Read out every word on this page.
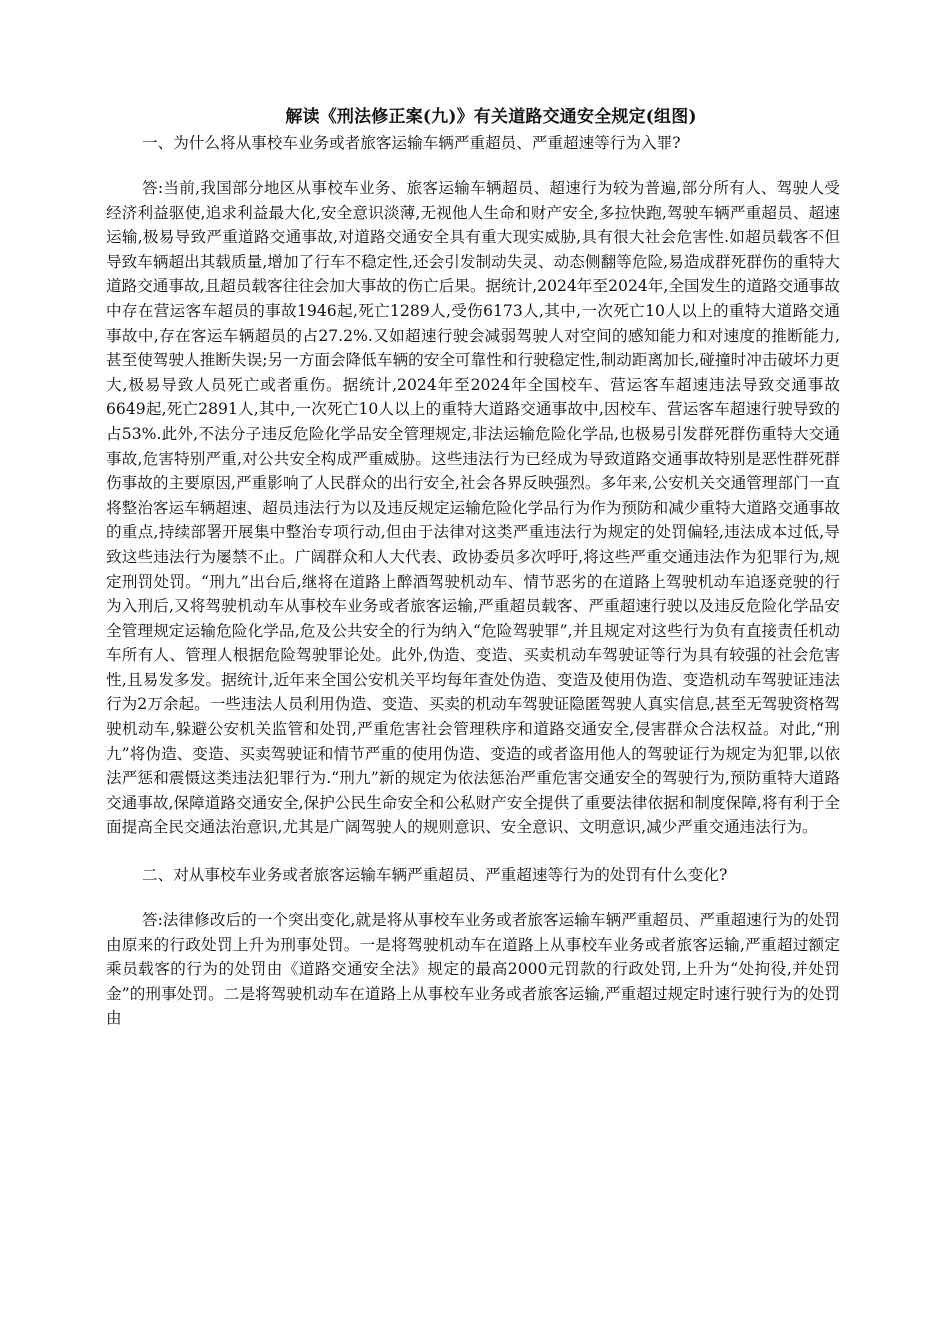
解读《刑法修正案(九)》有关道路交通安全规定(组图)

一、为什么将从事校车业务或者旅客运输车辆严重超员、严重超速等行为入罪?

答:当前,我国部分地区从事校车业务、旅客运输车辆超员、超速行为较为普遍,部分所有人、驾驶人受经济利益驱使,追求利益最大化,安全意识淡薄,无视他人生命和财产安全,多拉快跑,驾驶车辆严重超员、超速运输,极易导致严重道路交通事故,对道路交通安全具有重大现实威胁,具有很大社会危害性.如超员载客不但导致车辆超出其载质量,增加了行车不稳定性,还会引发制动失灵、动态侧翻等危险,易造成群死群伤的重特大道路交通事故,且超员载客往往会加大事故的伤亡后果。据统计,2024年至2024年,全国发生的道路交通事故中存在营运客车超员的事故1946起,死亡1289人,受伤6173人,其中,一次死亡10人以上的重特大道路交通事故中,存在客运车辆超员的占27.2%.又如超速行驶会减弱驾驶人对空间的感知能力和对速度的推断能力,甚至使驾驶人推断失误;另一方面会降低车辆的安全可靠性和行驶稳定性,制动距离加长,碰撞时冲击破坏力更大,极易导致人员死亡或者重伤。据统计,2024年至2024年全国校车、营运客车超速违法导致交通事故6649起,死亡2891人,其中,一次死亡10人以上的重特大道路交通事故中,因校车、营运客车超速行驶导致的占53%.此外,不法分子违反危险化学品安全管理规定,非法运输危险化学品,也极易引发群死群伤重特大交通事故,危害特别严重,对公共安全构成严重威胁。这些违法行为已经成为导致道路交通事故特别是恶性群死群伤事故的主要原因,严重影响了人民群众的出行安全,社会各界反映强烈。多年来,公安机关交通管理部门一直将整治客运车辆超速、超员违法行为以及违反规定运输危险化学品行为作为预防和减少重特大道路交通事故的重点,持续部署开展集中整治专项行动,但由于法律对这类严重违法行为规定的处罚偏轻,违法成本过低,导致这些违法行为屡禁不止。广阔群众和人大代表、政协委员多次呼吁,将这些严重交通违法作为犯罪行为,规定刑罚处罚。“刑九”出台后,继将在道路上醉酒驾驶机动车、情节恶劣的在道路上驾驶机动车追逐竞驶的行为入刑后,又将驾驶机动车从事校车业务或者旅客运输,严重超员载客、严重超速行驶以及违反危险化学品安全管理规定运输危险化学品,危及公共安全的行为纳入“危险驾驶罪”,并且规定对这些行为负有直接责任机动车所有人、管理人根据危险驾驶罪论处。此外,伪造、变造、买卖机动车驾驶证等行为具有较强的社会危害性,且易发多发。据统计,近年来全国公安机关平均每年查处伪造、变造及使用伪造、变造机动车驾驶证违法行为2万余起。一些违法人员利用伪造、变造、买卖的机动车驾驶证隐匿驾驶人真实信息,甚至无驾驶资格驾驶机动车,躲避公安机关监管和处罚,严重危害社会管理秩序和道路交通安全,侵害群众合法权益。对此,“刑九”将伪造、变造、买卖驾驶证和情节严重的使用伪造、变造的或者盗用他人的驾驶证行为规定为犯罪,以依法严惩和震慑这类违法犯罪行为.“刑九”新的规定为依法惩治严重危害交通安全的驾驶行为,预防重特大道路交通事故,保障道路交通安全,保护公民生命安全和公私财产安全提供了重要法律依据和制度保障,将有利于全面提高全民交通法治意识,尤其是广阔驾驶人的规则意识、安全意识、文明意识,减少严重交通违法行为。

二、对从事校车业务或者旅客运输车辆严重超员、严重超速等行为的处罚有什么变化?

答:法律修改后的一个突出变化,就是将从事校车业务或者旅客运输车辆严重超员、严重超速行为的处罚由原来的行政处罚上升为刑事处罚。一是将驾驶机动车在道路上从事校车业务或者旅客运输,严重超过额定乘员载客的行为的处罚由《道路交通安全法》规定的最高2000元罚款的行政处罚,上升为“处拘役,并处罚金”的刑事处罚。二是将驾驶机动车在道路上从事校车业务或者旅客运输,严重超过规定时速行驶行为的处罚由
